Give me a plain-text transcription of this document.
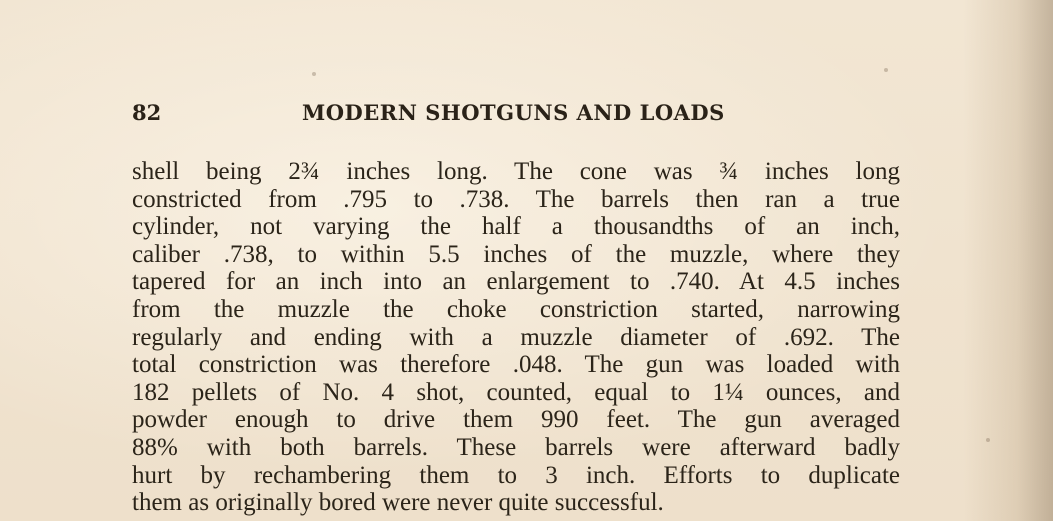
82	MODERN SHOTGUNS AND LOADS
shell being 2¾ inches long. The cone was ¾ inches long
constricted from .795 to .738. The barrels then ran a true
cylinder, not varying the half a thousandths of an inch,
caliber .738, to within 5.5 inches of the muzzle, where they
tapered for an inch into an enlargement to .740. At 4.5 inches
from the muzzle the choke constriction started, narrowing
regularly and ending with a muzzle diameter of .692. The
total constriction was therefore .048. The gun was loaded with
182 pellets of No. 4 shot, counted, equal to 1¼ ounces, and
powder enough to drive them 990 feet. The gun averaged
88% with both barrels. These barrels were afterward badly
hurt by rechambering them to 3 inch. Efforts to duplicate
them as originally bored were never quite successful.
